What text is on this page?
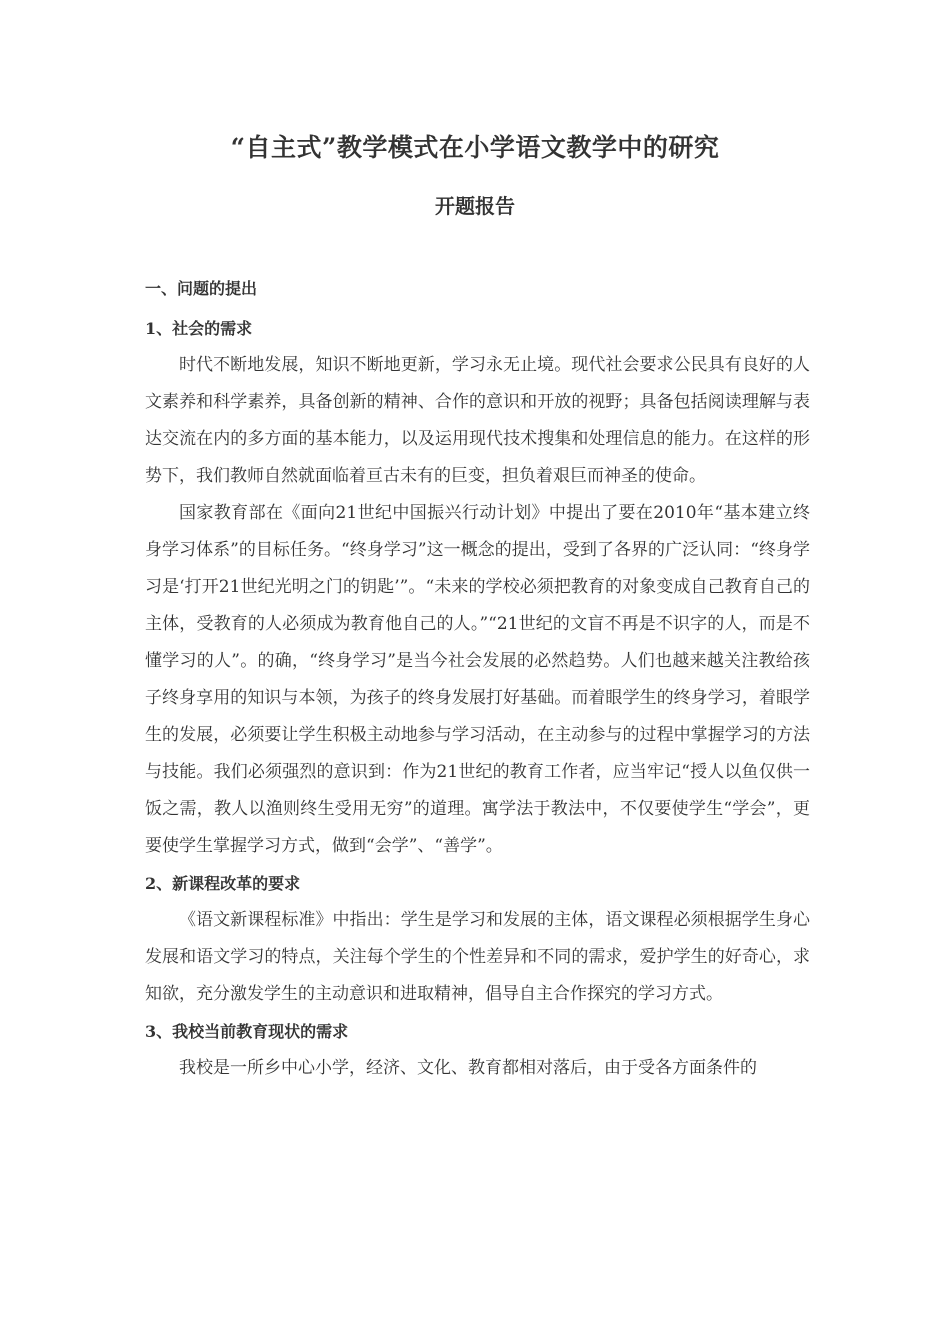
“自主式”教学模式在小学语文教学中的研究
开题报告

一、问题的提出

1、社会的需求

时代不断地发展，知识不断地更新，学习永无止境。现代社会要求公民具有良好的人文素养和科学素养，具备创新的精神、合作的意识和开放的视野；具备包括阅读理解与表达交流在内的多方面的基本能力，以及运用现代技术搜集和处理信息的能力。在这样的形势下，我们教师自然就面临着亘古未有的巨变，担负着艰巨而神圣的使命。

国家教育部在《面向21世纪中国振兴行动计划》中提出了要在2010年“基本建立终身学习体系”的目标任务。“终身学习”这一概念的提出，受到了各界的广泛认同：“终身学习是‘打开21世纪光明之门的钥匙’”。“未来的学校必须把教育的对象变成自己教育自己的主体，受教育的人必须成为教育他自己的人。”“21世纪的文盲不再是不识字的人，而是不懂学习的人”。的确，“终身学习”是当今社会发展的必然趋势。人们也越来越关注教给孩子终身享用的知识与本领，为孩子的终身发展打好基础。而着眼学生的终身学习，着眼学生的发展，必须要让学生积极主动地参与学习活动，在主动参与的过程中掌握学习的方法与技能。我们必须强烈的意识到：作为21世纪的教育工作者，应当牢记“授人以鱼仅供一饭之需，教人以渔则终生受用无穷”的道理。寓学法于教法中，不仅要使学生“学会”，更要使学生掌握学习方式，做到“会学”、“善学”。

2、新课程改革的要求

《语文新课程标准》中指出：学生是学习和发展的主体，语文课程必须根据学生身心发展和语文学习的特点，关注每个学生的个性差异和不同的需求，爱护学生的好奇心，求知欲，充分激发学生的主动意识和进取精神，倡导自主合作探究的学习方式。

3、我校当前教育现状的需求

我校是一所乡中心小学，经济、文化、教育都相对落后，由于受各方面条件的
